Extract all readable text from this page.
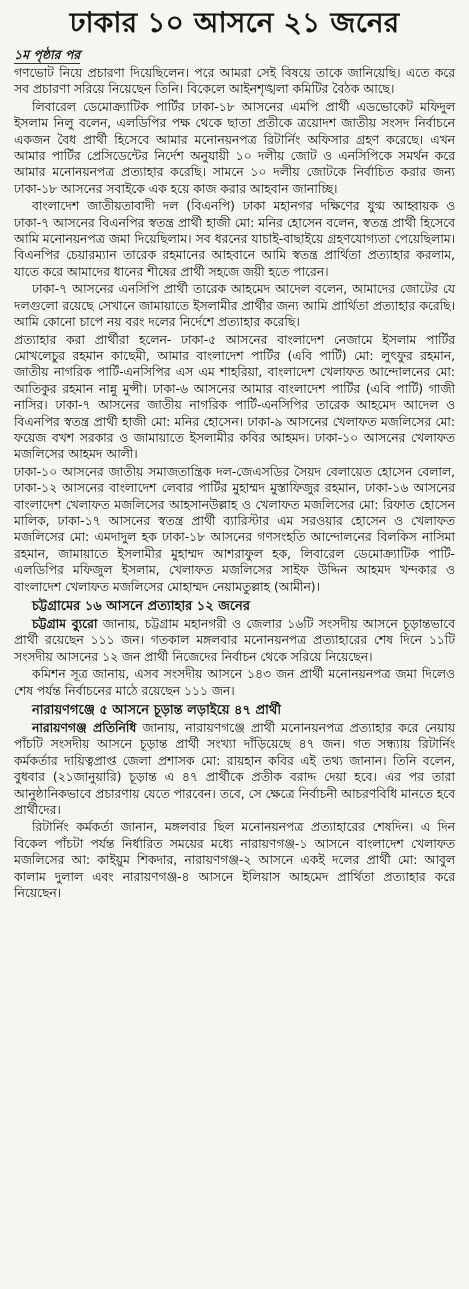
ঢাকার ১০ আসনে ২১ জনের
১ম পৃষ্ঠার পর

গণভোট নিয়ে প্রচারণা দিয়েছিলেন। পরে আমরা সেই বিষয়ে তাকে জানিয়েছি। এতে করে সব প্রচারণা সরিয়ে নিয়েছেন তিনি। বিকেলে আইনশৃঙ্খলা কমিটির বৈঠক আছে।

লিবারেল ডেমোক্র্যাটিক পার্টির ঢাকা-১৮ আসনের এমপি প্রার্থী এডভোকেট মফিদুল ইসলাম নিলু বলেন, এলডিপির পক্ষ থেকে ছাতা প্রতীকে ত্রয়োদশ জাতীয় সংসদ নির্বাচনে একজন বৈধ প্রার্থী হিসেবে আমার মনোনয়নপত্র রিটার্নিং অফিসার গ্রহণ করেছে। এখন আমার পার্টির প্রেসিডেন্টের নির্দেশ অনুযায়ী ১০ দলীয় জোট ও এনসিপিকে সমর্থন করে আমার মনোনয়নপত্র প্রত্যাহার করেছি। সামনে ১০ দলীয় জোটকে নির্বাচিত করার জন্য ঢাকা-১৮ আসনের সবাইকে এক হয়ে কাজ করার আহবান জানাচ্ছি।

বাংলাদেশ জাতীয়তাবাদী দল (বিএনপি) ঢাকা মহানগর দক্ষিণের যুগ্ম আহ্বায়ক ও ঢাকা-৭ আসনের বিএনপির স্বতন্ত্র প্রার্থী হাজী মো: মনির হোসেন বলেন, স্বতন্ত্র প্রার্থী হিসেবে আমি মনোনয়নপত্র জমা দিয়েছিলাম। সব ধরনের যাচাই-বাছাইয়ে গ্রহণযোগ্যতা পেয়েছিলাম। বিএনপির চেয়ারম্যান তারেক রহমানের আহবানে আমি স্বতন্ত্র প্রার্থিতা প্রত্যাহার করলাম, যাতে করে আমাদের ধানের শীষের প্রার্থী সহজে জয়ী হতে পারেন।

ঢাকা-৭ আসনের এনসিপি প্রার্থী তারেক আহমেদ আদেল বলেন, আমাদের জোটের যে দলগুলো রয়েছে সেখানে জামায়াতে ইসলামীর প্রার্থীর জন্য আমি প্রার্থিতা প্রত্যাহার করেছি। আমি কোনো চাপে নয় বরং দলের নির্দেশে প্রত্যাহার করেছি।

প্রত্যাহার করা প্রার্থীরা হলেন- ঢাকা-৫ আসনের বাংলাদেশ নেজামে ইসলাম পার্টির মোখলেচুর রহমান কাছেমী, আমার বাংলাদেশ পার্টির (এবি পার্টি) মো: লুৎফুর রহমান, জাতীয় নাগরিক পার্টি-এনসিপির এস এম শাহরিয়া, বাংলাদেশ খেলাফত আন্দোলনের মো: আতিকুর রহমান নান্নু মুন্সী। ঢাকা-৬ আসনের আমার বাংলাদেশ পার্টির (এবি পার্টি) গাজী নাসির। ঢাকা-৭ আসনের জাতীয় নাগরিক পার্টি-এনসিপির তারেক আহমেদ আদেল ও বিএনপির স্বতন্ত্র প্রার্থী হাজী মো: মনির হোসেন। ঢাকা-৯ আসনের খেলাফত মজলিসের মো: ফয়েজ বখশ সরকার ও জামায়াতে ইসলামীর কবির আহমদ। ঢাকা-১০ আসনের খেলাফত মজলিসের আহমদ আলী।

ঢাকা-১০ আসনের জাতীয় সমাজতান্ত্রিক দল-জেএসডির সৈয়দ বেলায়েত হোসেন বেলাল, ঢাকা-১২ আসনের বাংলাদেশ লেবার পার্টির মুহাম্মদ মুস্তাফিজুর রহমান, ঢাকা-১৬ আসনের বাংলাদেশ খেলাফত মজলিসের আহসানউল্লাহ ও খেলাফত মজলিসের মো: রিফাত হোসেন মালিক, ঢাকা-১৭ আসনের স্বতন্ত্র প্রার্থী ব্যারিস্টার এম সরওয়ার হোসেন ও খেলাফত মজলিসের মো: এমদাদুল হক ঢাকা-১৮ আসনের গণসংহতি আন্দোলনের বিলকিস নাসিমা রহমান, জামায়াতে ইসলামীর মুহাম্মদ আশরাফুল হক, লিবারেল ডেমোক্র্যাটিক পার্টি-এলডিপির মফিজুল ইসলাম, খেলাফত মজলিসের সাইফ উদ্দিন আহমদ খন্দকার ও বাংলাদেশ খেলাফত মজলিসের মোহাম্মদ নেয়ামতুল্লাহ (আমীন)।

চট্টগ্রামের ১৬ আসনে প্রত্যাহার ১২ জনের

চট্টগ্রাম ব্যুরো জানায়, চট্টগ্রাম মহানগরী ও জেলার ১৬টি সংসদীয় আসনে চূড়ান্তভাবে প্রার্থী রয়েছেন ১১১ জন। গতকাল মঙ্গলবার মনোনয়নপত্র প্রত্যাহারের শেষ দিনে ১১টি সংসদীয় আসনের ১২ জন প্রার্থী নিজেদের নির্বাচন থেকে সরিয়ে নিয়েছেন।

কমিশন সূত্র জানায়, এসব সংসদীয় আসনে ১৪৩ জন প্রার্থী মনোনয়নপত্র জমা দিলেও শেষ পর্যন্ত নির্বাচনের মাঠে রয়েছেন ১১১ জন।

নারায়ণগঞ্জে ৫ আসনে চূড়ান্ত লড়াইয়ে ৪৭ প্রার্থী

নারায়ণগঞ্জ প্রতিনিধি জানায়, নারায়ণগঞ্জে প্রার্থী মনোনয়নপত্র প্রত্যাহার করে নেয়ায় পাঁচটি সংসদীয় আসনে চূড়ান্ত প্রার্থী সংখ্যা দাঁড়িয়েছে ৪৭ জন। গত সন্ধ্যায় রিটার্নিং কর্মকর্তার দায়িত্বপ্রাপ্ত জেলা প্রশাসক মো: রায়হান কবির এই তথ্য জানান। তিনি বলেন, বুধবার (২১জানুয়ারি) চূড়ান্ত এ ৪৭ প্রার্থীকে প্রতীক বরাদ্দ দেয়া হবে। এর পর তারা আনুষ্ঠানিকভাবে প্রচারণায় যেতে পারবেন। তবে, সে ক্ষেত্রে নির্বাচনী আচরণবিধি মানতে হবে প্রার্থীদের।

রিটার্নিং কর্মকর্তা জানান, মঙ্গলবার ছিল মনোনয়নপত্র প্রত্যাহারের শেষদিন। এ দিন বিকেল পাঁচটা পর্যন্ত নির্ধারিত সময়ের মধ্যে নারায়ণগঞ্জ-১ আসনে বাংলাদেশ খেলাফত মজলিসের আ: কাইয়ুম শিকদার, নারায়ণগঞ্জ-২ আসনে একই দলের প্রার্থী মো: আবুল কালাম দুলাল এবং নারায়ণগঞ্জ-৪ আসনে ইলিয়াস আহমেদ প্রার্থিতা প্রত্যাহার করে নিয়েছেন।
